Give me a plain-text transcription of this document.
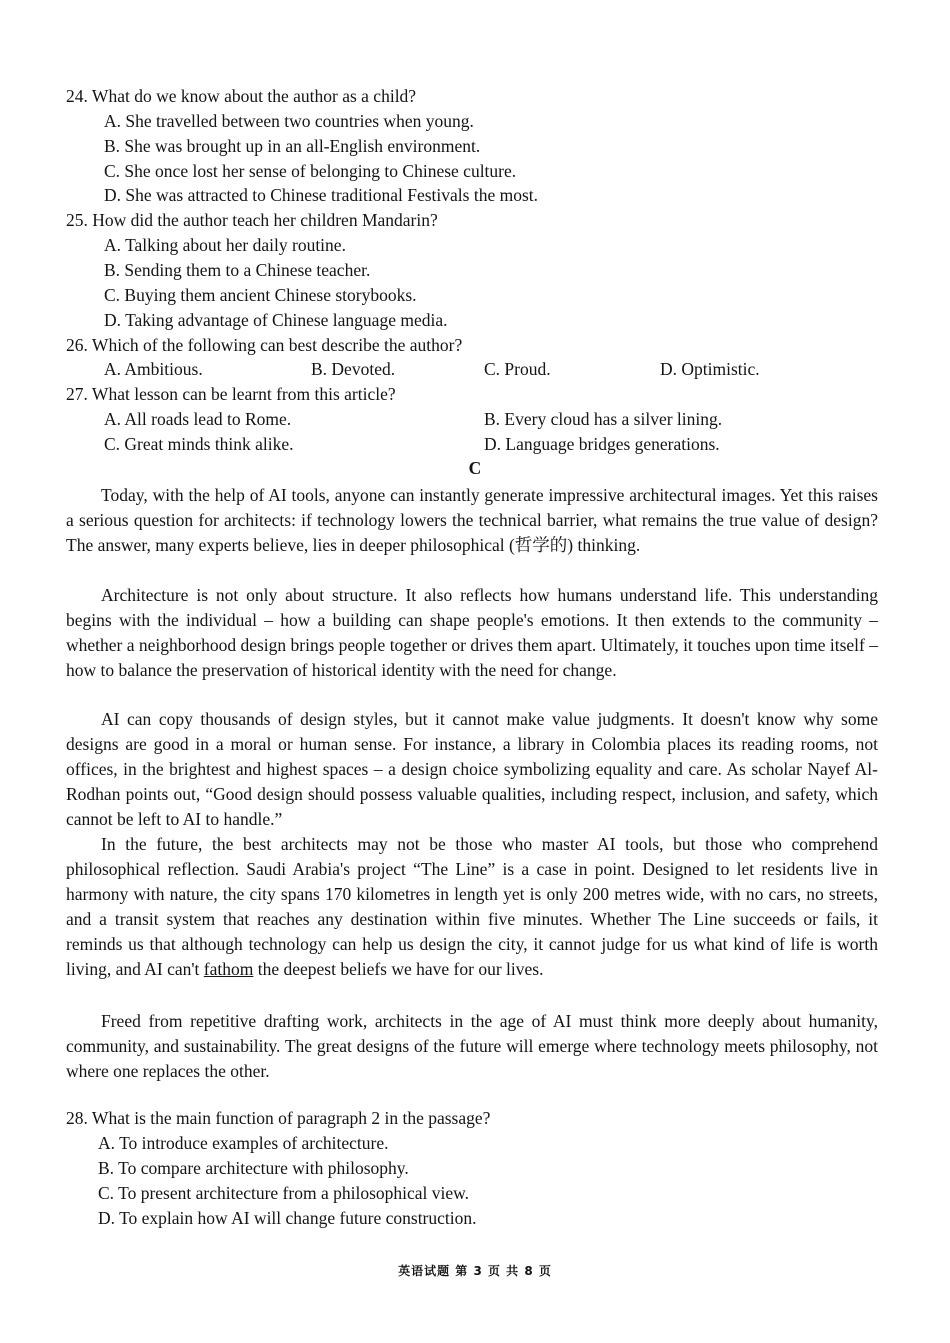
24. What do we know about the author as a child?
A. She travelled between two countries when young.
B. She was brought up in an all-English environment.
C. She once lost her sense of belonging to Chinese culture.
D. She was attracted to Chinese traditional Festivals the most.
25. How did the author teach her children Mandarin?
A. Talking about her daily routine.
B. Sending them to a Chinese teacher.
C. Buying them ancient Chinese storybooks.
D. Taking advantage of Chinese language media.
26. Which of the following can best describe the author?
A. Ambitious.	B. Devoted.	C. Proud.	D. Optimistic.
27. What lesson can be learnt from this article?
A. All roads lead to Rome.	B. Every cloud has a silver lining.
C. Great minds think alike.	D. Language bridges generations.
C

Today, with the help of AI tools, anyone can instantly generate impressive architectural images. Yet this raises a serious question for architects: if technology lowers the technical barrier, what remains the true value of design? The answer, many experts believe, lies in deeper philosophical (哲学的) thinking.

Architecture is not only about structure. It also reflects how humans understand life. This understanding begins with the individual – how a building can shape people's emotions. It then extends to the community – whether a neighborhood design brings people together or drives them apart. Ultimately, it touches upon time itself – how to balance the preservation of historical identity with the need for change.

AI can copy thousands of design styles, but it cannot make value judgments. It doesn't know why some designs are good in a moral or human sense. For instance, a library in Colombia places its reading rooms, not offices, in the brightest and highest spaces – a design choice symbolizing equality and care. As scholar Nayef Al-Rodhan points out, “Good design should possess valuable qualities, including respect, inclusion, and safety, which cannot be left to AI to handle.”

In the future, the best architects may not be those who master AI tools, but those who comprehend philosophical reflection. Saudi Arabia's project “The Line” is a case in point. Designed to let residents live in harmony with nature, the city spans 170 kilometres in length yet is only 200 metres wide, with no cars, no streets, and a transit system that reaches any destination within five minutes. Whether The Line succeeds or fails, it reminds us that although technology can help us design the city, it cannot judge for us what kind of life is worth living, and AI can't fathom the deepest beliefs we have for our lives.

Freed from repetitive drafting work, architects in the age of AI must think more deeply about humanity, community, and sustainability. The great designs of the future will emerge where technology meets philosophy, not where one replaces the other.

28. What is the main function of paragraph 2 in the passage?
A. To introduce examples of architecture.
B. To compare architecture with philosophy.
C. To present architecture from a philosophical view.
D. To explain how AI will change future construction.
英语试题 第 3 页 共 8 页
